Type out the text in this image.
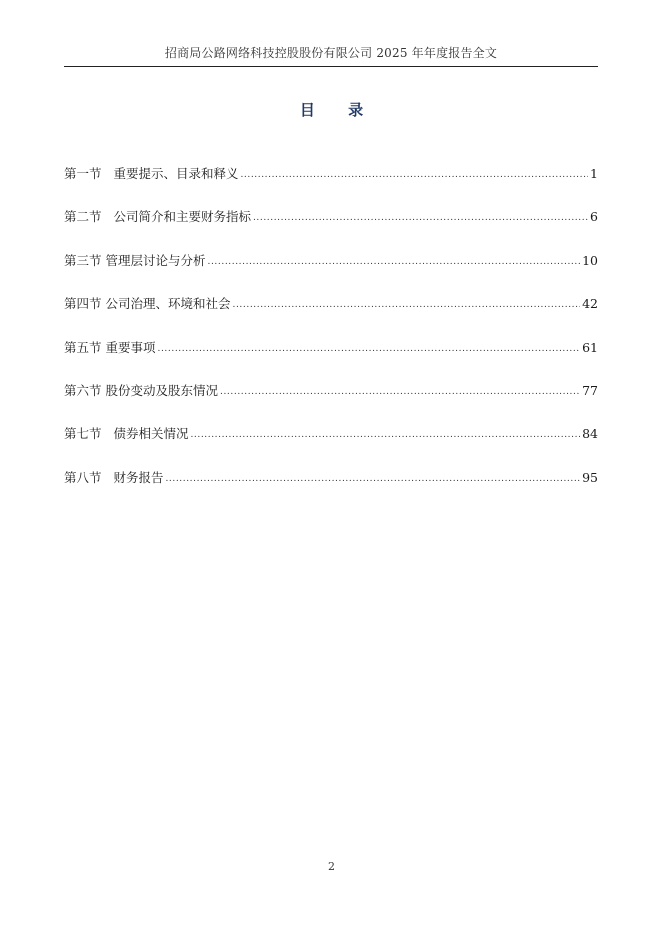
招商局公路网络科技控股股份有限公司 2025 年年度报告全文
目 录
第一节
重要提示、目录和释义 .....	1
第二节
公司简介和主要财务指标 .....	6
第三节
管理层讨论与分析 .....	10
第四节
公司治理、环境和社会 .....	42
第五节
重要事项 .....	61
第六节
股份变动及股东情况 .....	77
第七节
债券相关情况 .....	84
第八节
财务报告 .....	95
2
